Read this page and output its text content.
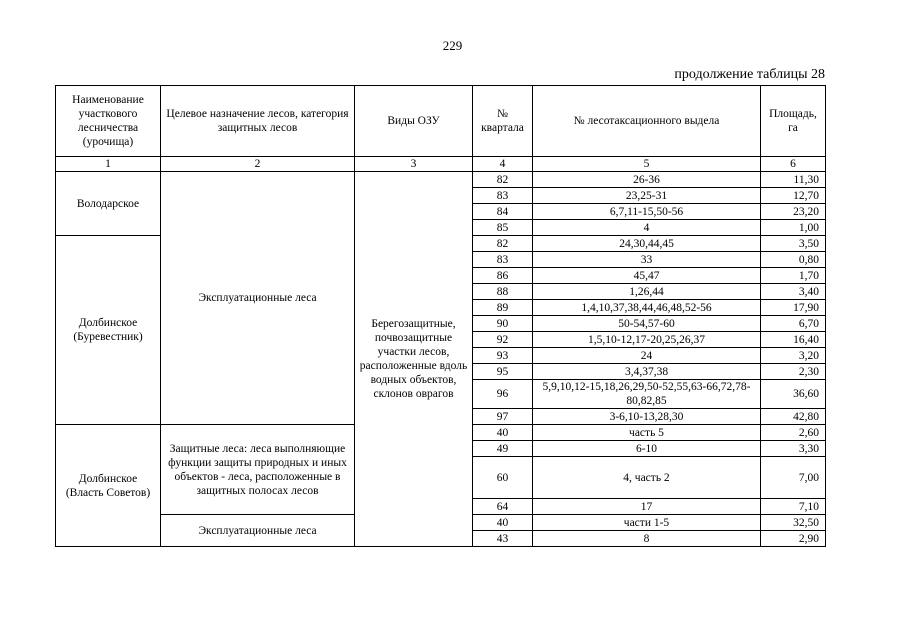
229
продолжение таблицы 28
Наименование участкового лесничества (урочища)	Целевое назначение лесов, категория защитных лесов	Виды ОЗУ	№ квартала	№ лесотаксационного выдела	Площадь, га
1	2	3	4	5	6
Володарское	Эксплуатационные леса	Берегозащитные, почвозащитные участки лесов, расположенные вдоль водных объектов, склонов оврагов	82	26-36	11,30
			83	23,25-31	12,70
			84	6,7,11-15,50-56	23,20
			85	4	1,00
Долбинское (Буревестник)			82	24,30,44,45	3,50
			83	33	0,80
			86	45,47	1,70
			88	1,26,44	3,40
			89	1,4,10,37,38,44,46,48,52-56	17,90
			90	50-54,57-60	6,70
			92	1,5,10-12,17-20,25,26,37	16,40
			93	24	3,20
			95	3,4,37,38	2,30
			96	5,9,10,12-15,18,26,29,50-52,55,63-66,72,78-80,82,85	36,60
			97	3-6,10-13,28,30	42,80
Долбинское (Власть Советов)	Защитные леса: леса выполняющие функции защиты природных и иных объектов - леса, расположенные в защитных полосах лесов		40	часть 5	2,60
			49	6-10	3,30
			60	4, часть 2	7,00
			64	17	7,10
	Эксплуатационные леса		40	части 1-5	32,50
			43	8	2,90
